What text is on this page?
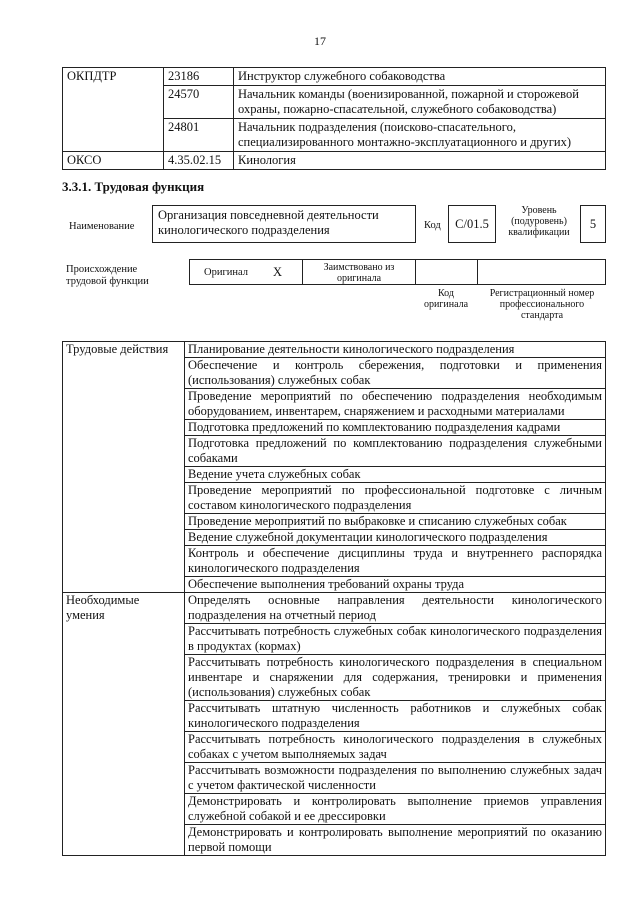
17
ОКПДТР	23186	Инструктор служебного собаководства
	24570	Начальник команды (военизированной, пожарной и сторожевой охраны, пожарно-спасательной, служебного собаководства)
	24801	Начальник подразделения (поисково-спасательного, специализированного монтажно-эксплуатационного и других)
ОКСО	4.35.02.15	Кинология
3.3.1. Трудовая функция
Наименование
Организация повседневной деятельности кинологического подразделения	Код	С/01.5
Уровень (подуровень) квалификации
5
Происхождение трудовой функции
Оригинал X	Заимствовано из оригинала
Код оригинала
Регистрационный номер профессионального стандарта
Трудовые действия	Планирование деятельности кинологического подразделения
	Обеспечение и контроль сбережения, подготовки и применения (использования) служебных собак
	Проведение мероприятий по обеспечению подразделения необходимым оборудованием, инвентарем, снаряжением и расходными материалами
	Подготовка предложений по комплектованию подразделения кадрами
	Подготовка предложений по комплектованию подразделения служебными собаками
	Ведение учета служебных собак
	Проведение мероприятий по профессиональной подготовке с личным составом кинологического подразделения
	Проведение мероприятий по выбраковке и списанию служебных собак
	Ведение служебной документации кинологического подразделения
	Контроль и обеспечение дисциплины труда и внутреннего распорядка кинологического подразделения
	Обеспечение выполнения требований охраны труда
Необходимые умения	Определять основные направления деятельности кинологического подразделения на отчетный период
	Рассчитывать потребность служебных собак кинологического подразделения в продуктах (кормах)
	Рассчитывать потребность кинологического подразделения в специальном инвентаре и снаряжении для содержания, тренировки и применения (использования) служебных собак
	Рассчитывать штатную численность работников и служебных собак кинологического подразделения
	Рассчитывать потребность кинологического подразделения в служебных собаках с учетом выполняемых задач
	Рассчитывать возможности подразделения по выполнению служебных задач с учетом фактической численности
	Демонстрировать и контролировать выполнение приемов управления служебной собакой и ее дрессировки
	Демонстрировать и контролировать выполнение мероприятий по оказанию первой помощи
